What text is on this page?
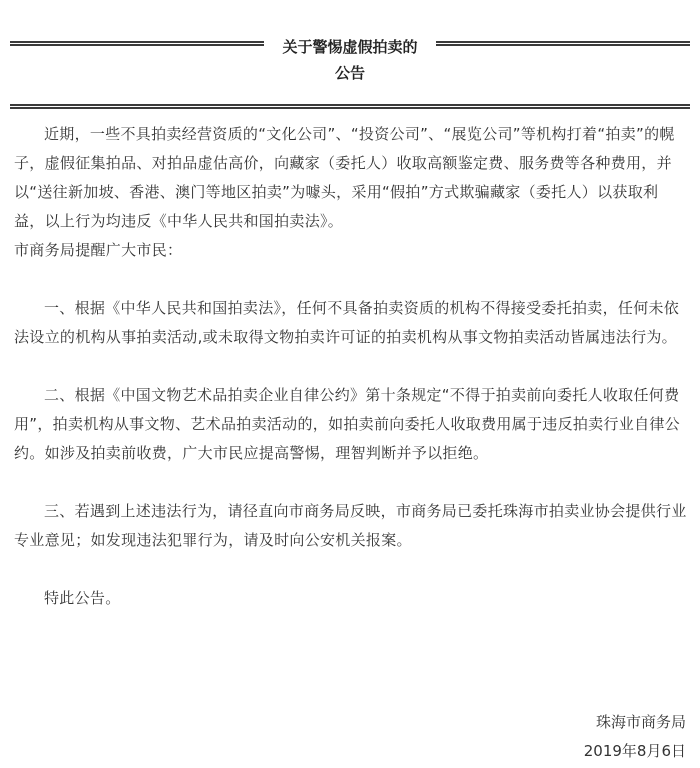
关于警惕虚假拍卖的
公告

近期，一些不具拍卖经营资质的“文化公司”、“投资公司”、“展览公司”等机构打着“拍卖”的幌子，虚假征集拍品、对拍品虚估高价，向藏家（委托人）收取高额鉴定费、服务费等各种费用，并以“送往新加坡、香港、澳门等地区拍卖”为噱头，采用“假拍”方式欺骗藏家（委托人）以获取利益，以上行为均违反《中华人民共和国拍卖法》。

市商务局提醒广大市民：

一、根据《中华人民共和国拍卖法》，任何不具备拍卖资质的机构不得接受委托拍卖，任何未依法设立的机构从事拍卖活动,或未取得文物拍卖许可证的拍卖机构从事文物拍卖活动皆属违法行为。

二、根据《中国文物艺术品拍卖企业自律公约》第十条规定“不得于拍卖前向委托人收取任何费用”，拍卖机构从事文物、艺术品拍卖活动的，如拍卖前向委托人收取费用属于违反拍卖行业自律公约。如涉及拍卖前收费，广大市民应提高警惕，理智判断并予以拒绝。

三、若遇到上述违法行为，请径直向市商务局反映，市商务局已委托珠海市拍卖业协会提供行业专业意见；如发现违法犯罪行为，请及时向公安机关报案。

特此公告。

珠海市商务局
2019年8月6日
